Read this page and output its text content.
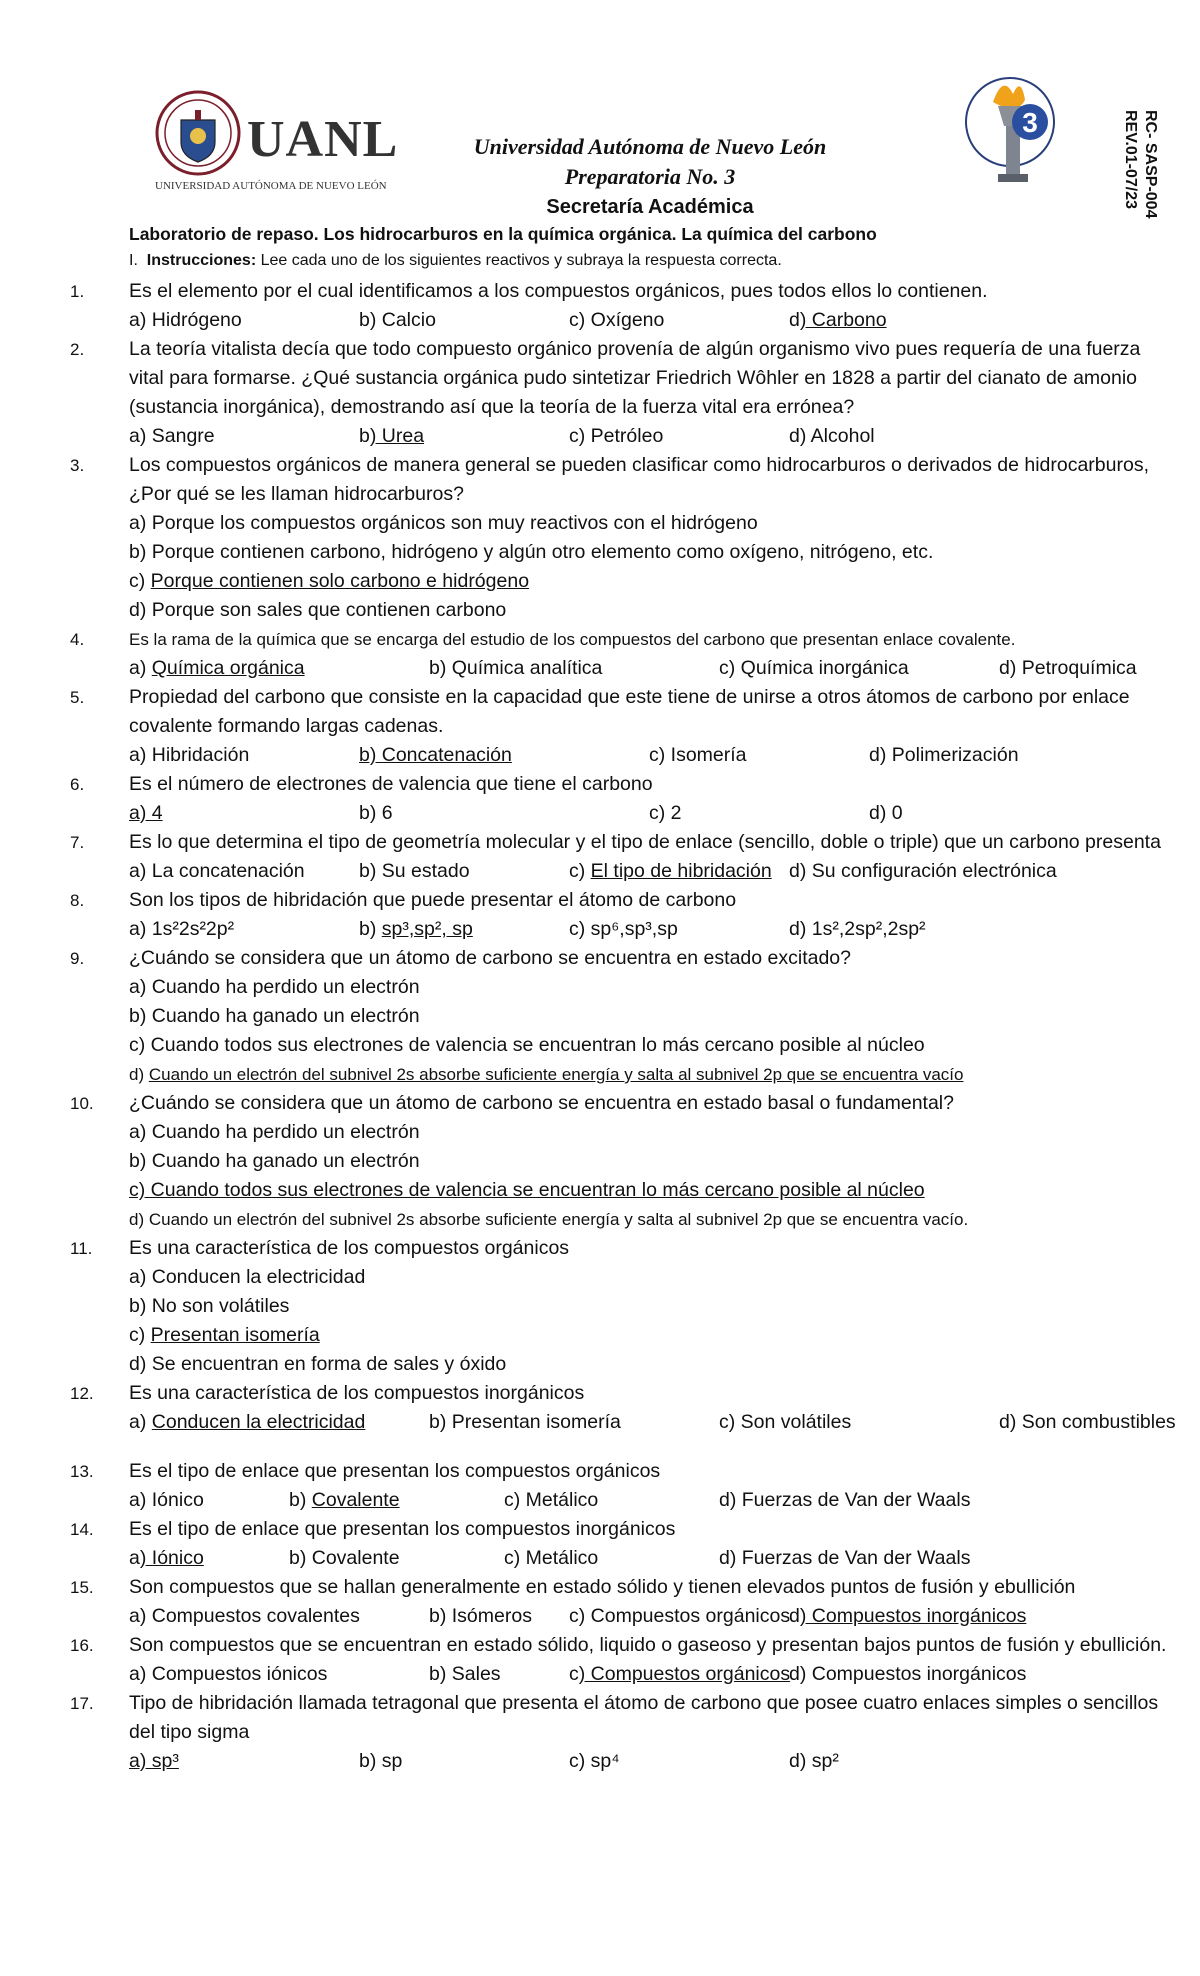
UANL
UNIVERSIDAD AUTÓNOMA DE NUEVO LEÓN
Universidad Autónoma de Nuevo León
Preparatoria No. 3
Secretaría Académica
3	RC- SASP-004
REV.01-07/23
Laboratorio de repaso. Los hidrocarburos en la química orgánica. La química del carbono
I. Instrucciones: Lee cada uno de los siguientes reactivos y subraya la respuesta correcta.
1.	Es el elemento por el cual identificamos a los compuestos orgánicos, pues todos ellos lo contienen.
a) Hidrógeno	b) Calcio	c) Oxígeno	d) Carbono
2.	La teoría vitalista decía que todo compuesto orgánico provenía de algún organismo vivo pues requería de una fuerza vital para formarse. ¿Qué sustancia orgánica pudo sintetizar Friedrich Wôhler en 1828 a partir del cianato de amonio (sustancia inorgánica), demostrando así que la teoría de la fuerza vital era errónea?
a) Sangre	b) Urea	c) Petróleo	d) Alcohol
3.	Los compuestos orgánicos de manera general se pueden clasificar como hidrocarburos o derivados de hidrocarburos, ¿Por qué se les llaman hidrocarburos?
a) Porque los compuestos orgánicos son muy reactivos con el hidrógeno
b) Porque contienen carbono, hidrógeno y algún otro elemento como oxígeno, nitrógeno, etc.
c) Porque contienen solo carbono e hidrógeno
d) Porque son sales que contienen carbono
4.	Es la rama de la química que se encarga del estudio de los compuestos del carbono que presentan enlace covalente.
a) Química orgánica	b) Química analítica	c) Química inorgánica	d) Petroquímica
5.	Propiedad del carbono que consiste en la capacidad que este tiene de unirse a otros átomos de carbono por enlace covalente formando largas cadenas.
a) Hibridación	b) Concatenación	c) Isomería	d) Polimerización
6.	Es el número de electrones de valencia que tiene el carbono
a) 4	b) 6	c) 2	d) 0
7.	Es lo que determina el tipo de geometría molecular y el tipo de enlace (sencillo, doble o triple) que un carbono presenta
a) La concatenación	b) Su estado	c) El tipo de hibridación d) Su configuración electrónica
8.	Son los tipos de hibridación que puede presentar el átomo de carbono
a) 1s²2s²2p²	b) sp³,sp², sp	c) sp⁶,sp³,sp	d) 1s²,2sp²,2sp²
9.	¿Cuándo se considera que un átomo de carbono se encuentra en estado excitado?
a) Cuando ha perdido un electrón
b) Cuando ha ganado un electrón
c) Cuando todos sus electrones de valencia se encuentran lo más cercano posible al núcleo
d) Cuando un electrón del subnivel 2s absorbe suficiente energía y salta al subnivel 2p que se encuentra vacío
10.	¿Cuándo se considera que un átomo de carbono se encuentra en estado basal o fundamental?
a) Cuando ha perdido un electrón
b) Cuando ha ganado un electrón
c) Cuando todos sus electrones de valencia se encuentran lo más cercano posible al núcleo
d) Cuando un electrón del subnivel 2s absorbe suficiente energía y salta al subnivel 2p que se encuentra vacío.
11.	Es una característica de los compuestos orgánicos
a) Conducen la electricidad
b) No son volátiles
c) Presentan isomería
d) Se encuentran en forma de sales y óxido
12.	Es una característica de los compuestos inorgánicos
a) Conducen la electricidad	b) Presentan isomería	c) Son volátiles	d) Son combustibles
13.	Es el tipo de enlace que presentan los compuestos orgánicos
a) Iónico	b) Covalente	c) Metálico	d) Fuerzas de Van der Waals
14.	Es el tipo de enlace que presentan los compuestos inorgánicos
a) Iónico	b) Covalente	c) Metálico	d) Fuerzas de Van der Waals
15.	Son compuestos que se hallan generalmente en estado sólido y tienen elevados puntos de fusión y ebullición
a) Compuestos covalentes	b) Isómeros c) Compuestos orgánicos
d) Compuestos inorgánicos
16.	Son compuestos que se encuentran en estado sólido, liquido o gaseoso y presentan bajos puntos de fusión y ebullición.
a) Compuestos iónicos	b) Sales	c) Compuestos orgánicos
d) Compuestos inorgánicos
17.	Tipo de hibridación llamada tetragonal que presenta el átomo de carbono que posee cuatro enlaces simples o sencillos del tipo sigma
a) sp³	b) sp	c) sp⁴	d) sp²
